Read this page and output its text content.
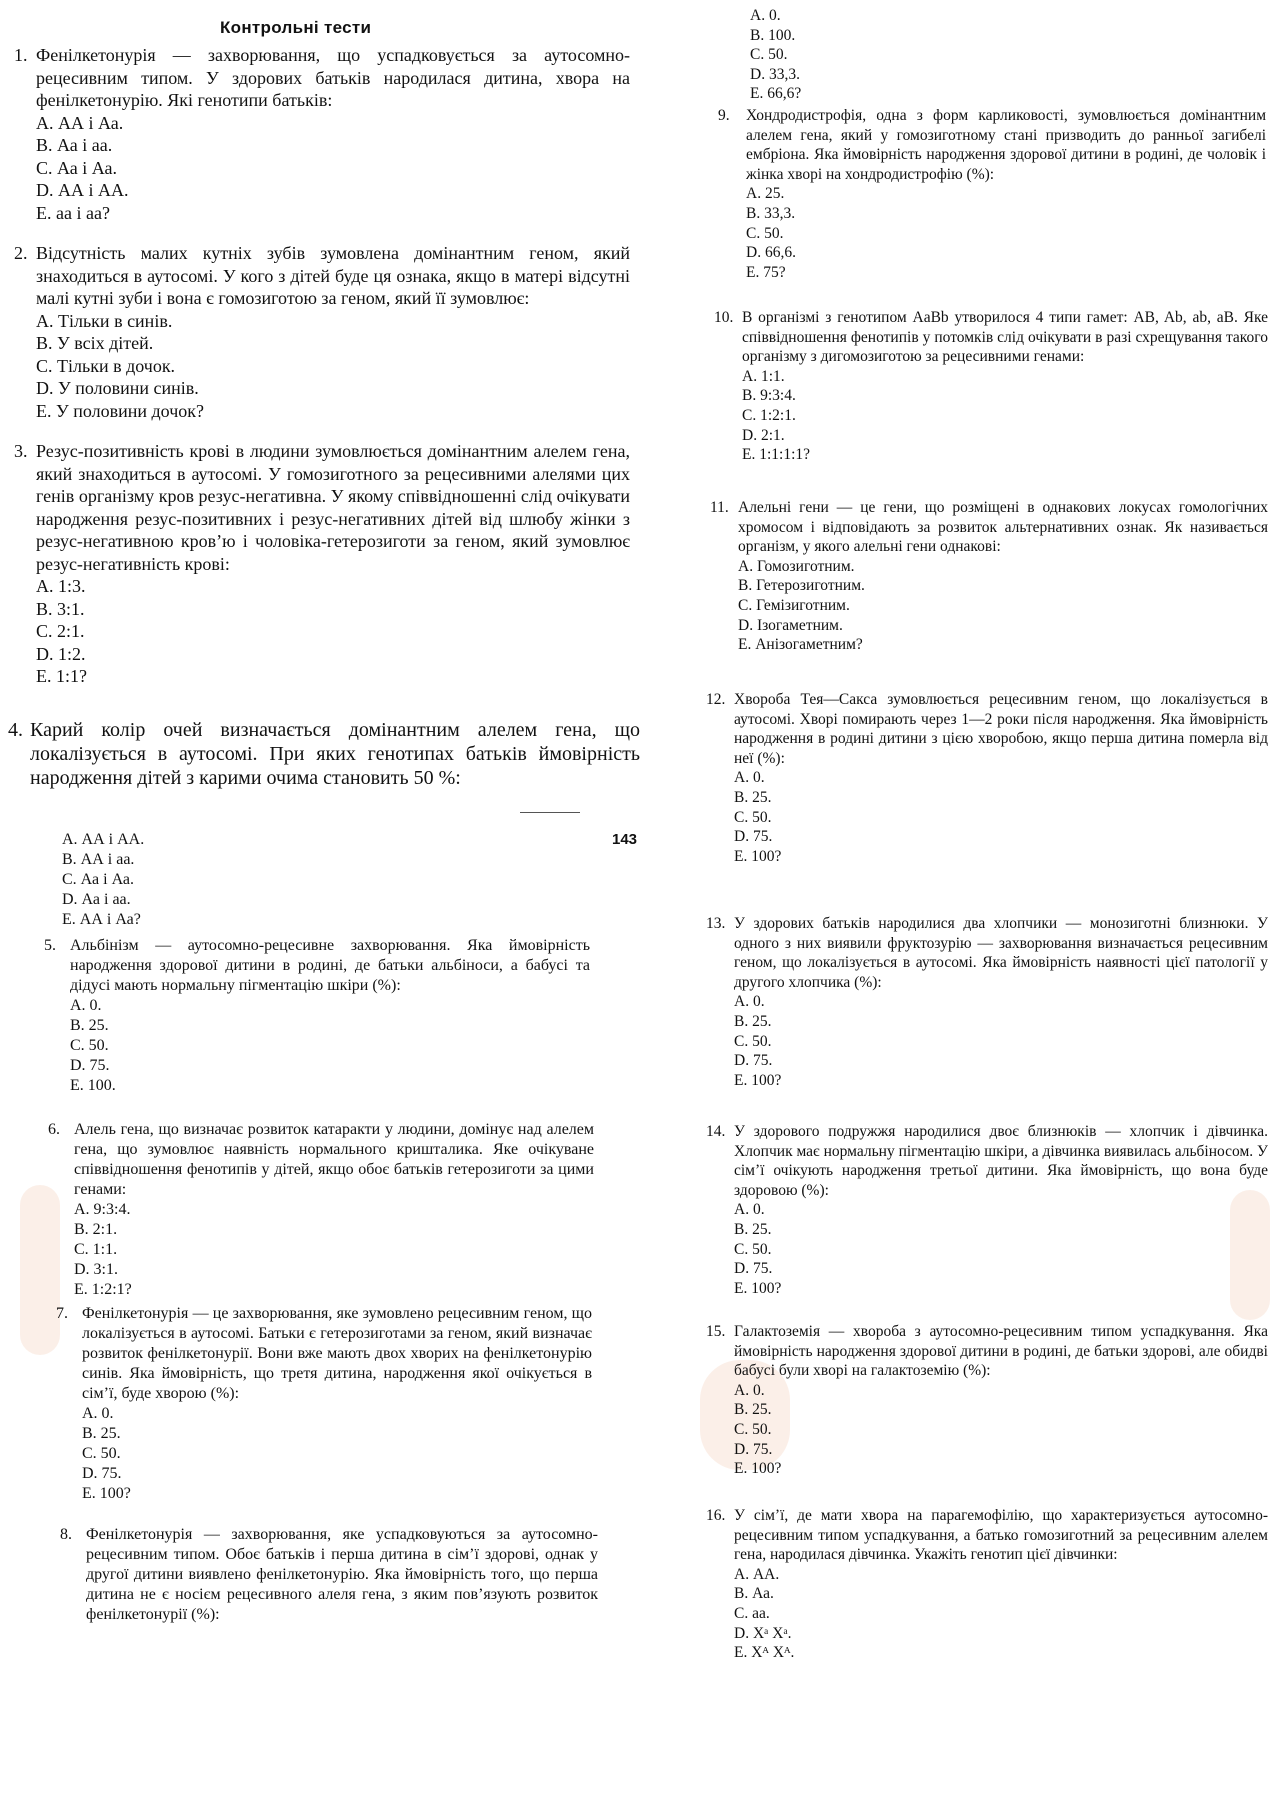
Контрольні тести
143

1. Фенілкетонурія — захворювання, що успадковується за аутосомно-рецесивним типом. У здорових батьків народилася дитина, хвора на фенілкетонурію. Які генотипи батьків:

A. АА і Аа.
B. Аа і аа.
C. Аа і Аа.
D. АА і АА.
E. аа і аа?

2. Відсутність малих кутніх зубів зумовлена домінантним геном, який знаходиться в аутосомі. У кого з дітей буде ця ознака, якщо в матері відсутні малі кутні зуби і вона є гомозиготою за геном, який її зумовлює:

A. Тільки в синів.
B. У всіх дітей.
C. Тільки в дочок.
D. У половини синів.
E. У половини дочок?

3. Резус-позитивність крові в людини зумовлюється домінантним алелем гена, який знаходиться в аутосомі. У гомозиготного за рецесивними алелями цих генів організму кров резус-негативна. У якому співвідношенні слід очікувати народження резус-позитивних і резус-негативних дітей від шлюбу жінки з резус-негативною кров’ю і чоловіка-гетерозиготи за геном, який зумовлює резус-негативність крові:

A. 1:3.
B. 3:1.
C. 2:1.
D. 1:2.
E. 1:1?

4. Карий колір очей визначається домінантним алелем гена, що локалізується в аутосомі. При яких генотипах батьків ймовірність народження дітей з карими очима становить 50 %:

A. АА і АА.
B. АА і аа.
C. Аа і Аа.
D. Аа і аа.
E. АА і Аа?

5. Альбінізм — аутосомно-рецесивне захворювання. Яка ймовірність народження здорової дитини в родині, де батьки альбіноси, а бабусі та дідусі мають нормальну пігментацію шкіри (%):

A. 0.
B. 25.
C. 50.
D. 75.
E. 100.

6. Алель гена, що визначає розвиток катаракти у людини, домінує над алелем гена, що зумовлює наявність нормального кришталика. Яке очікуване співвідношення фенотипів у дітей, якщо обоє батьків гетерозиготи за цими генами:

A. 9:3:4.
B. 2:1.
C. 1:1.
D. 3:1.
E. 1:2:1?

7. Фенілкетонурія — це захворювання, яке зумовлено рецесивним геном, що локалізується в аутосомі. Батьки є гетерозиготами за геном, який визначає розвиток фенілкетонурії. Вони вже мають двох хворих на фенілкетонурію синів. Яка ймовірність, що третя дитина, народження якої очікується в сім’ї, буде хворою (%):

A. 0.
B. 25.
C. 50.
D. 75.
E. 100?

8. Фенілкетонурія — захворювання, яке успадковуються за аутосомно-рецесивним типом. Обоє батьків і перша дитина в сім’ї здорові, однак у другої дитини виявлено фенілкетонурію. Яка ймовірність того, що перша дитина не є носієм рецесивного алеля гена, з яким пов’язують розвиток фенілкетонурії (%):

A. 0.
B. 100.
C. 50.
D. 33,3.
E. 66,6?

9. Хондродистрофія, одна з форм карликовості, зумовлюється домінантним алелем гена, який у гомозиготному стані призводить до ранньої загибелі ембріона. Яка ймовірність народження здорової дитини в родині, де чоловік і жінка хворі на хондродистрофію (%):

A. 25.
B. 33,3.
C. 50.
D. 66,6.
E. 75?

10. В організмі з генотипом AaBb утворилося 4 типи гамет: AB, Ab, ab, aB. Яке співвідношення фенотипів у потомків слід очікувати в разі схрещування такого організму з дигомозиготою за рецесивними генами:

A. 1:1.
B. 9:3:4.
C. 1:2:1.
D. 2:1.
E. 1:1:1:1?

11. Алельні гени — це гени, що розміщені в однакових локусах гомологічних хромосом і відповідають за розвиток альтернативних ознак. Як називається організм, у якого алельні гени однакові:

A. Гомозиготним.
B. Гетерозиготним.
C. Гемізиготним.
D. Ізогаметним.
E. Анізогаметним?

12. Хвороба Тея—Сакса зумовлюється рецесивним геном, що локалізується в аутосомі. Хворі помирають через 1—2 роки після народження. Яка ймовірність народження в родині дитини з цією хворобою, якщо перша дитина померла від неї (%):

A. 0.
B. 25.
C. 50.
D. 75.
E. 100?

13. У здорових батьків народилися два хлопчики — монозиготні близнюки. У одного з них виявили фруктозурію — захворювання визначається рецесивним геном, що локалізується в аутосомі. Яка ймовірність наявності цієї патології у другого хлопчика (%):

A. 0.
B. 25.
C. 50.
D. 75.
E. 100?

14. У здорового подружжя народилися двоє близнюків — хлопчик і дівчинка. Хлопчик має нормальну пігментацію шкіри, а дівчинка виявилась альбіносом. У сім’ї очікують народження третьої дитини. Яка ймовірність, що вона буде здоровою (%):

A. 0.
B. 25.
C. 50.
D. 75.
E. 100?

15. Галактоземія — хвороба з аутосомно-рецесивним типом успадкування. Яка ймовірність народження здорової дитини в родині, де батьки здорові, але обидві бабусі були хворі на галактоземію (%):

A. 0.
B. 25.
C. 50.
D. 75.
E. 100?

16. У сім’ї, де мати хвора на парагемофілію, що характеризується аутосомно-рецесивним типом успадкування, а батько гомозиготний за рецесивним алелем гена, народилася дівчинка. Укажіть генотип цієї дівчинки:

A. АА.
B. Аа.
C. аа.
D. Xᵃ Xᵃ.
E. Xᴬ Xᴬ.
